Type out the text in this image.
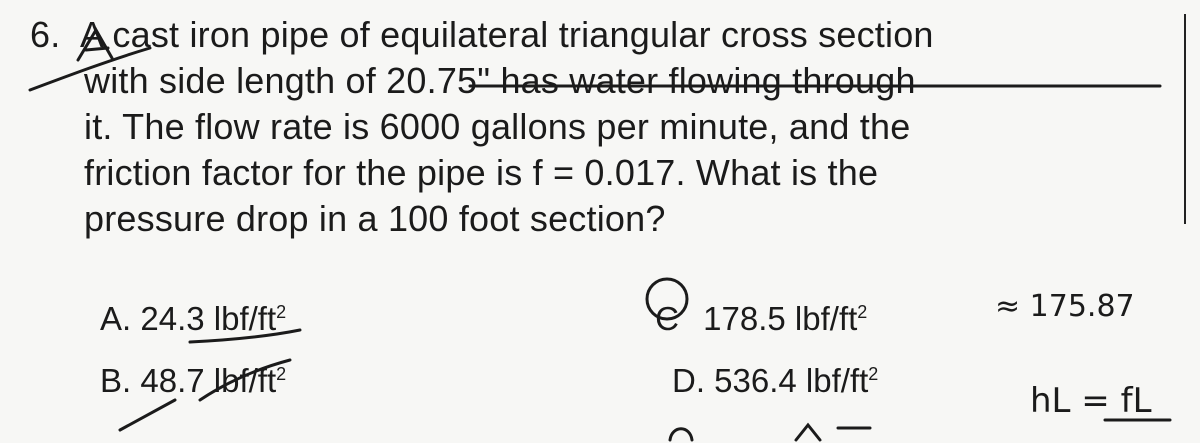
6. A cast iron pipe of equilateral triangular cross section
with side length of 20.75" has water flowing through
it. The flow rate is 6000 gallons per minute, and the
friction factor for the pipe is f = 0.017. What is the
pressure drop in a 100 foot section?
A. 24.3 lbf/$ft^2$
B. 48.7 lbf/$ft^2$
C 178.5 lbf/$ft^2$
D. 536.4 lbf/$ft^2$
≈ 175.87
hL = fL
